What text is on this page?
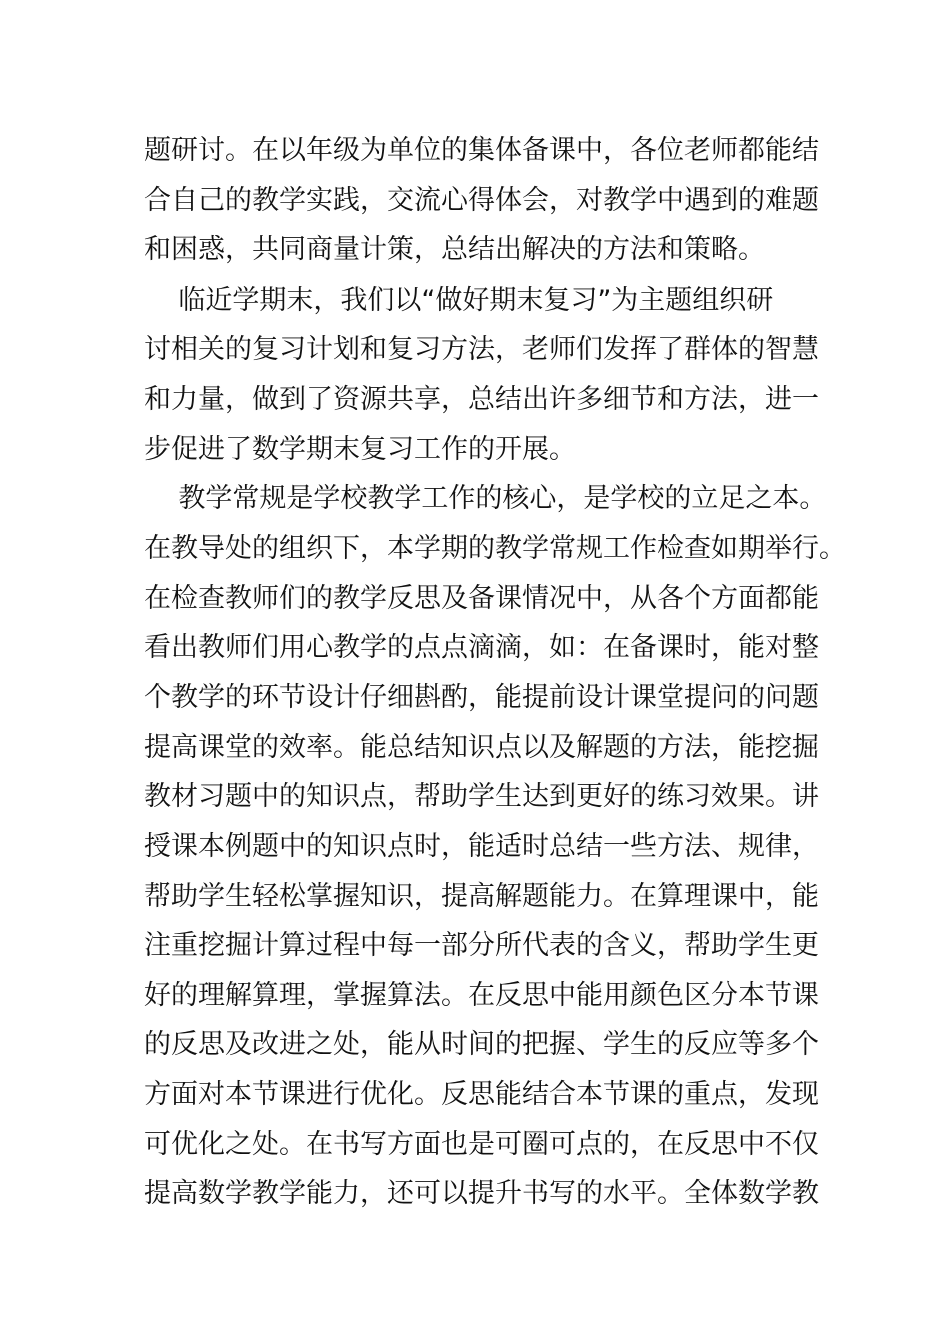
题研讨。在以年级为单位的集体备课中，各位老师都能结
合自己的教学实践，交流心得体会，对教学中遇到的难题
和困惑，共同商量计策，总结出解决的方法和策略。
临近学期末，我们以“做好期末复习”为主题组织研
讨相关的复习计划和复习方法，老师们发挥了群体的智慧
和力量，做到了资源共享，总结出许多细节和方法，进一
步促进了数学期末复习工作的开展。
教学常规是学校教学工作的核心，是学校的立足之本。
在教导处的组织下，本学期的教学常规工作检查如期举行。
在检查教师们的教学反思及备课情况中，从各个方面都能
看出教师们用心教学的点点滴滴，如：在备课时，能对整
个教学的环节设计仔细斟酌，能提前设计课堂提问的问题
提高课堂的效率。能总结知识点以及解题的方法，能挖掘
教材习题中的知识点，帮助学生达到更好的练习效果。讲
授课本例题中的知识点时，能适时总结一些方法、规律，
帮助学生轻松掌握知识，提高解题能力。在算理课中，能
注重挖掘计算过程中每一部分所代表的含义，帮助学生更
好的理解算理，掌握算法。在反思中能用颜色区分本节课
的反思及改进之处，能从时间的把握、学生的反应等多个
方面对本节课进行优化。反思能结合本节课的重点，发现
可优化之处。在书写方面也是可圈可点的，在反思中不仅
提高数学教学能力，还可以提升书写的水平。全体数学教
